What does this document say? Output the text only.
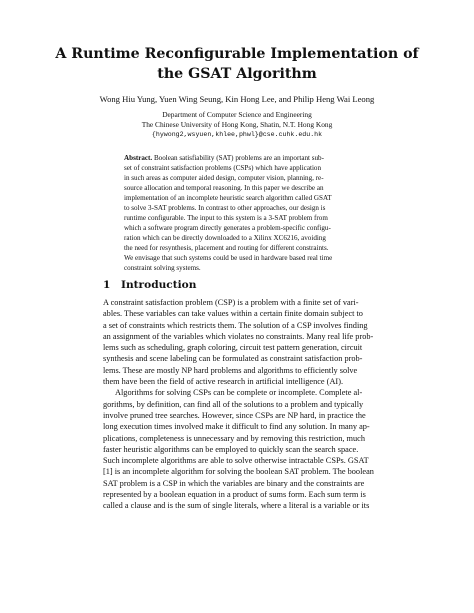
A Runtime Reconfigurable Implementation of
the GSAT Algorithm
Wong Hiu Yung, Yuen Wing Seung, Kin Hong Lee, and Philip Heng Wai Leong
Department of Computer Science and Engineering
The Chinese University of Hong Kong, Shatin, N.T. Hong Kong
{hywong2,wsyuen,khlee,phwl}@cse.cuhk.edu.hk
Abstract. Boolean satisfiability (SAT) problems are an important sub-
set of constraint satisfaction problems (CSPs) which have application
in such areas as computer aided design, computer vision, planning, re-
source allocation and temporal reasoning. In this paper we describe an
implementation of an incomplete heuristic search algorithm called GSAT
to solve 3-SAT problems. In contrast to other approaches, our design is
runtime configurable. The input to this system is a 3-SAT problem from
which a software program directly generates a problem-specific configu-
ration which can be directly downloaded to a Xilinx XC6216, avoiding
the need for resynthesis, placement and routing for different constraints.
We envisage that such systems could be used in hardware based real time
constraint solving systems.
1 Introduction
A constraint satisfaction problem (CSP) is a problem with a finite set of vari-
ables. These variables can take values within a certain finite domain subject to
a set of constraints which restricts them. The solution of a CSP involves finding
an assignment of the variables which violates no constraints. Many real life prob-
lems such as scheduling, graph coloring, circuit test pattern generation, circuit
synthesis and scene labeling can be formulated as constraint satisfaction prob-
lems. These are mostly NP hard problems and algorithms to efficiently solve
them have been the field of active research in artificial intelligence (AI).
Algorithms for solving CSPs can be complete or incomplete. Complete al-
gorithms, by definition, can find all of the solutions to a problem and typically
involve pruned tree searches. However, since CSPs are NP hard, in practice the
long execution times involved make it difficult to find any solution. In many ap-
plications, completeness is unnecessary and by removing this restriction, much
faster heuristic algorithms can be employed to quickly scan the search space.
Such incomplete algorithms are able to solve otherwise intractable CSPs. GSAT
[1] is an incomplete algorithm for solving the boolean SAT problem. The boolean
SAT problem is a CSP in which the variables are binary and the constraints are
represented by a boolean equation in a product of sums form. Each sum term is
called a clause and is the sum of single literals, where a literal is a variable or its
